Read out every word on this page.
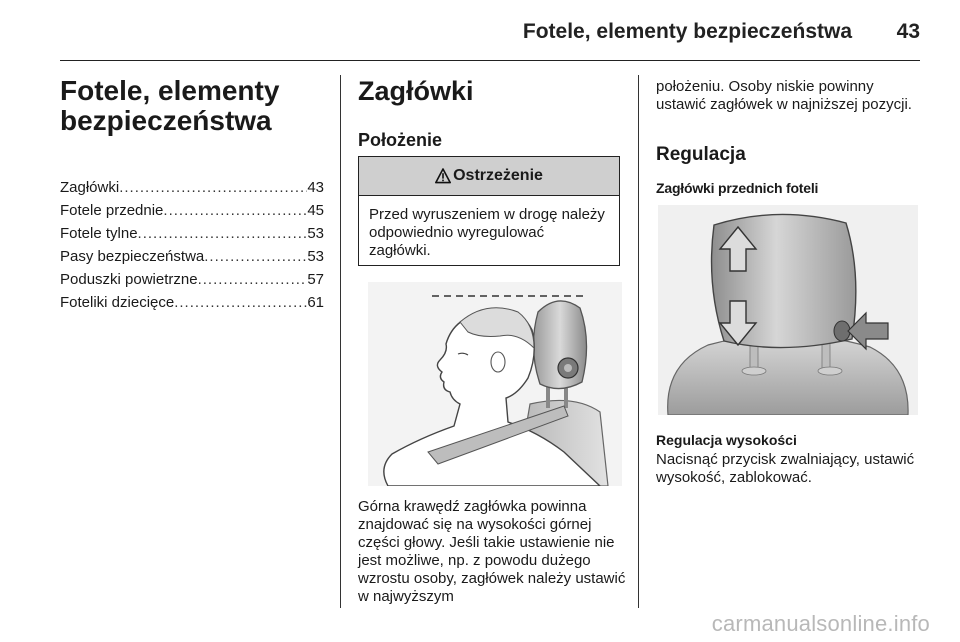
Fotele, elementy bezpieczeństwa 43
Fotele, elementy
bezpieczeństwa
Zagłówki .....	43
Fotele przednie .....	45
Fotele tylne .....	53
Pasy bezpieczeństwa .....	53
Poduszki powietrzne .....	57
Foteliki dziecięce .....	61
Zagłówki
Położenie
Ostrzeżenie
Przed wyruszeniem w drogę należy odpowiednio wyregulować zagłówki.

Górna krawędź zagłówka powinna znajdować się na wysokości górnej części głowy. Jeśli takie ustawienie nie jest możliwe, np. z powodu dużego wzrostu osoby, zagłówek należy ustawić w najwyższym

położeniu. Osoby niskie powinny ustawić zagłówek w najniższej pozycji.

Regulacja
Zagłówki przednich foteli
Regulacja wysokości

Nacisnąć przycisk zwalniający, ustawić wysokość, zablokować.

carmanualsonline.info
